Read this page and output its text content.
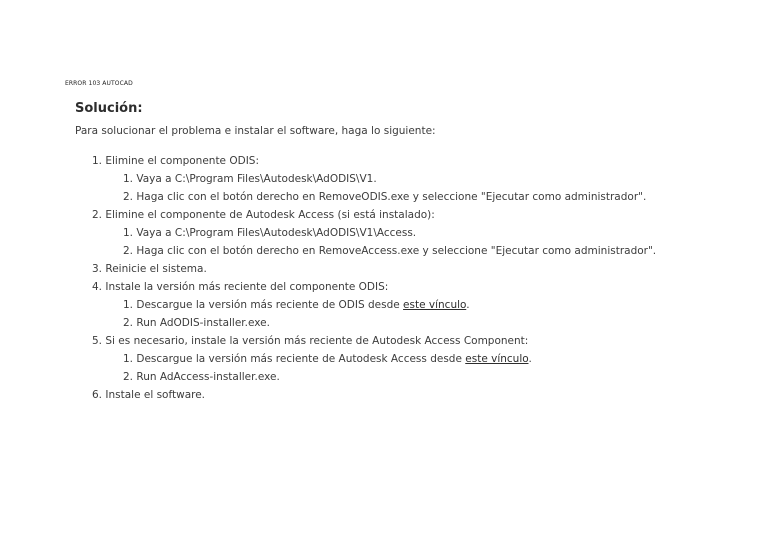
ERROR 103 AUTOCAD
Solución:

Para solucionar el problema e instalar el software, haga lo siguiente:

1. Elimine el componente ODIS:
1. Vaya a C:\Program Files\Autodesk\AdODIS\V1.
2. Haga clic con el botón derecho en RemoveODIS.exe y seleccione "Ejecutar como administrador".
2. Elimine el componente de Autodesk Access (si está instalado):
1. Vaya a C:\Program Files\Autodesk\AdODIS\V1\Access.
2. Haga clic con el botón derecho en RemoveAccess.exe y seleccione "Ejecutar como administrador".
3. Reinicie el sistema.
4. Instale la versión más reciente del componente ODIS:
1. Descargue la versión más reciente de ODIS desde este vínculo.
2. Run AdODIS-installer.exe.
5. Si es necesario, instale la versión más reciente de Autodesk Access Component:
1. Descargue la versión más reciente de Autodesk Access desde este vínculo.
2. Run AdAccess-installer.exe.
6. Instale el software.
